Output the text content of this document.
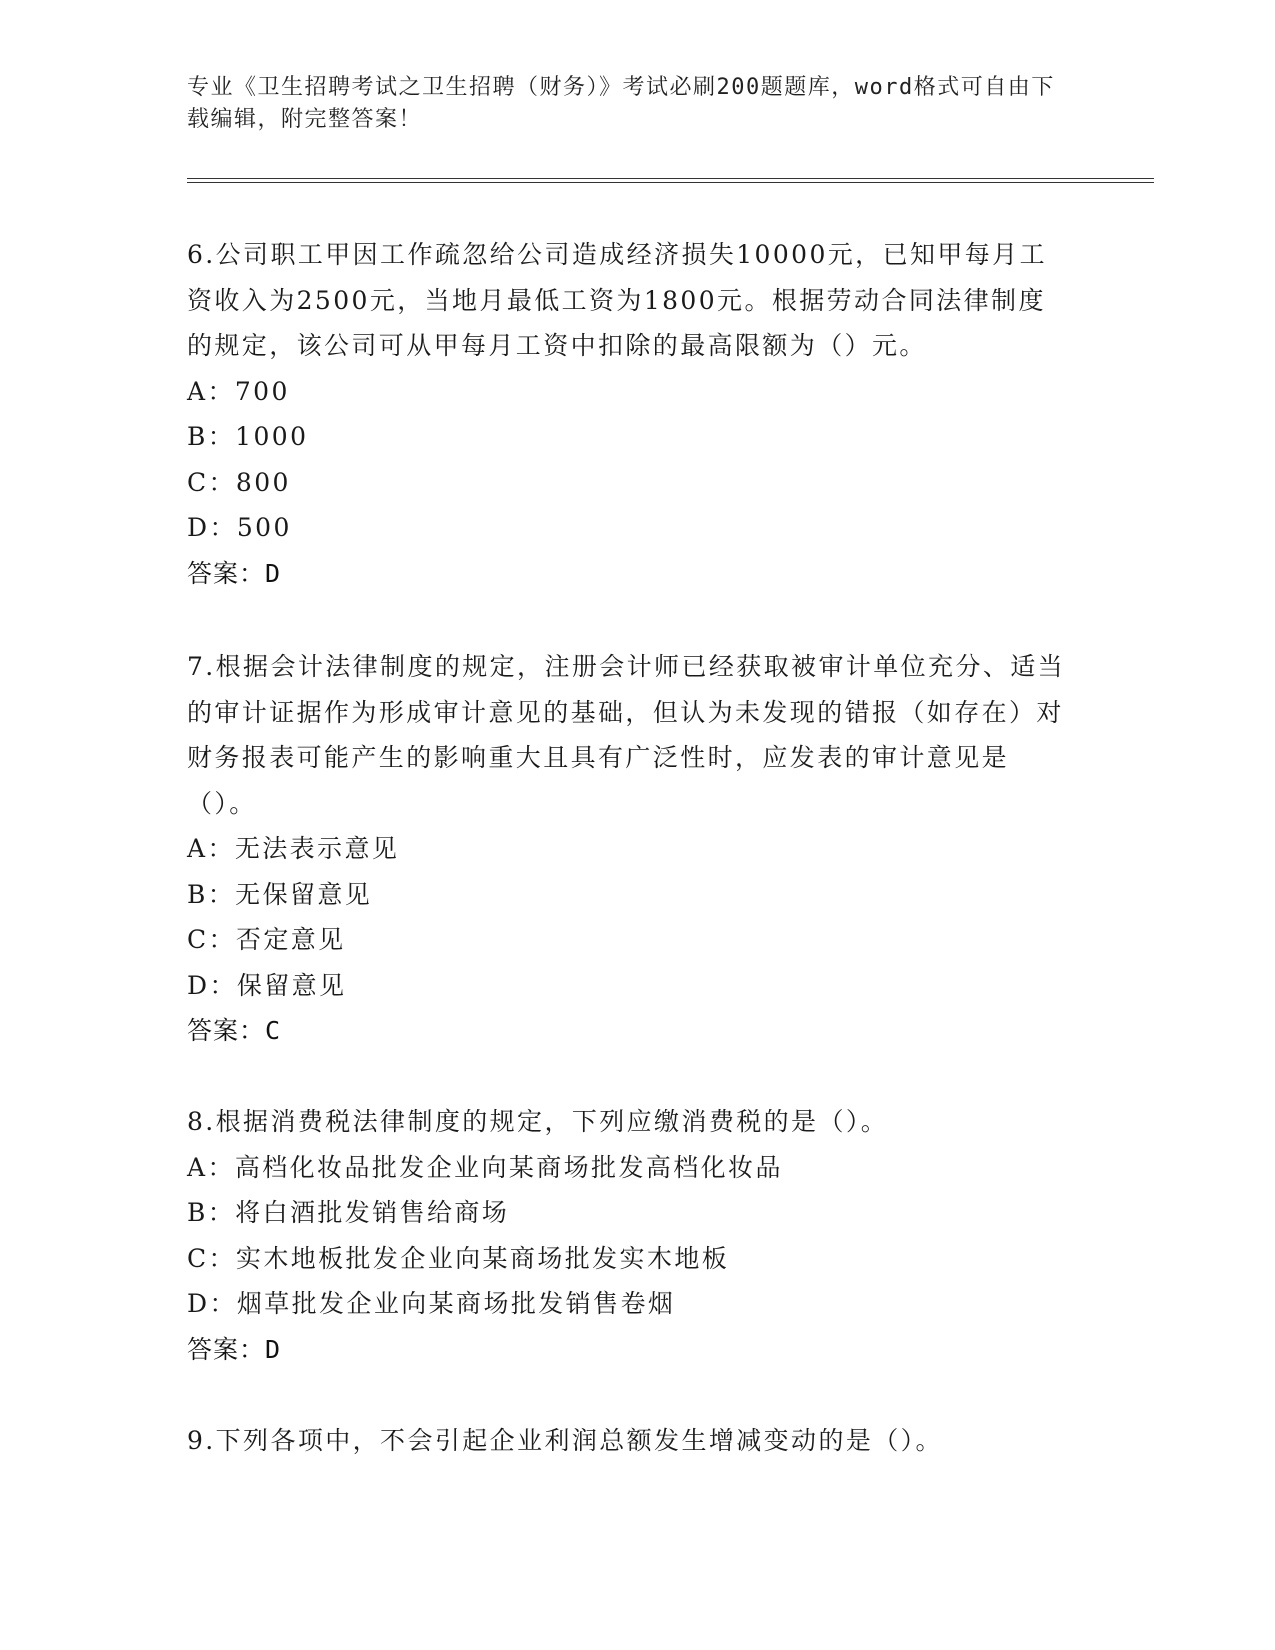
专业《卫生招聘考试之卫生招聘（财务）》考试必刷200题题库，word格式可自由下载编辑，附完整答案！

6.公司职工甲因工作疏忽给公司造成经济损失10000元，已知甲每月工资收入为2500元，当地月最低工资为1800元。根据劳动合同法律制度的规定，该公司可从甲每月工资中扣除的最高限额为（）元。

A：700

B：1000

C：800

D：500

答案：D

7.根据会计法律制度的规定，注册会计师已经获取被审计单位充分、适当的审计证据作为形成审计意见的基础，但认为未发现的错报（如存在）对财务报表可能产生的影响重大且具有广泛性时，应发表的审计意见是（）。

A：无法表示意见

B：无保留意见

C：否定意见

D：保留意见

答案：C

8.根据消费税法律制度的规定，下列应缴消费税的是（）。

A：高档化妆品批发企业向某商场批发高档化妆品

B：将白酒批发销售给商场

C：实木地板批发企业向某商场批发实木地板

D：烟草批发企业向某商场批发销售卷烟

答案：D

9.下列各项中，不会引起企业利润总额发生增减变动的是（）。
